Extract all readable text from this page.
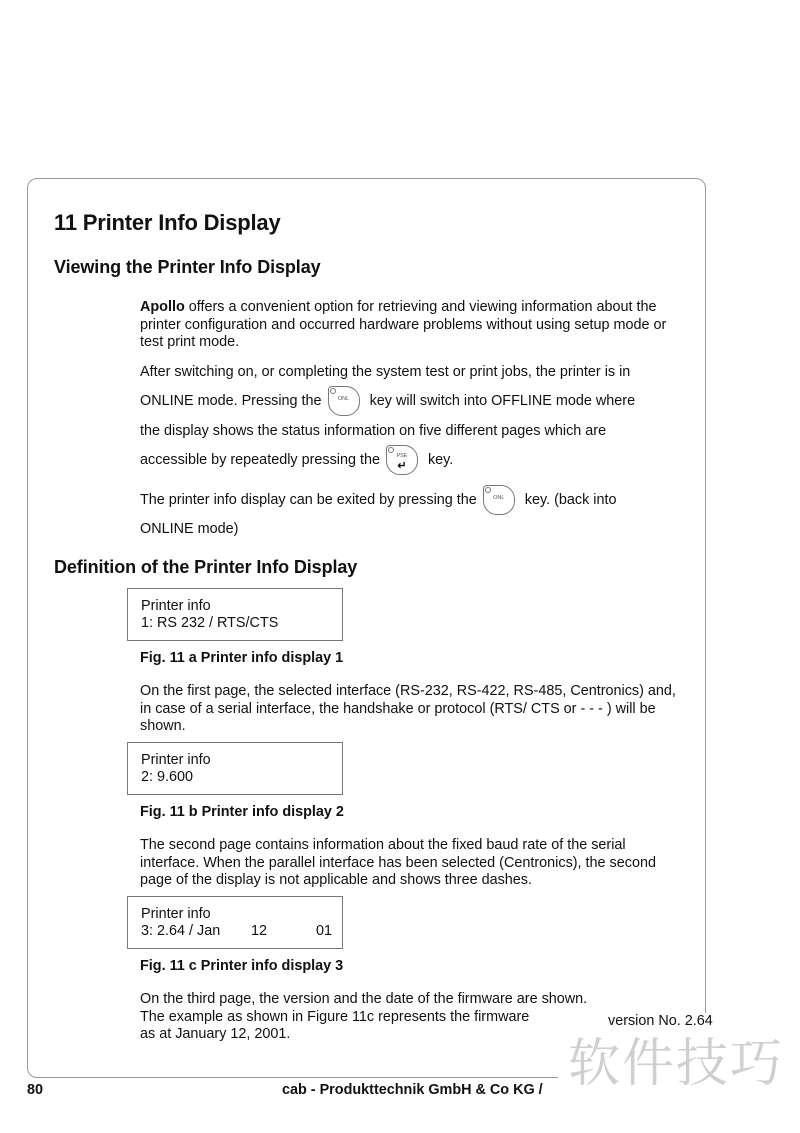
11 Printer Info Display
Viewing the Printer Info Display
Apollo offers a convenient option for retrieving and viewing information about the printer configuration and occurred hardware problems without using setup mode or test print mode.
After switching on, or completing the system test or print jobs, the printer is in
ONLINE mode. Pressing the	ONL	key will switch into OFFLINE mode where
the display shows the status information on five different pages which are
accessible by repeatedly pressing the	PSE
↵	key.
The printer info display can be exited by pressing the	ONL	key. (back into
ONLINE mode)
Definition of the Printer Info Display
Printer info
1: RS 232 / RTS/CTS
Fig. 11 a Printer info display 1
On the first page, the selected interface (RS-232, RS-422, RS-485, Centronics) and, in case of a serial interface, the handshake or protocol (RTS/ CTS or - - - ) will be shown.
Printer info
2: 9.600
Fig. 11 b Printer info display 2
The second page contains information about the fixed baud rate of the serial interface. When the parallel interface has been selected (Centronics), the second page of the display is not applicable and shows three dashes.
Printer info
3: 2.64 / Jan 12	01
Fig. 11 c Printer info display 3
On the third page, the version and the date of the firmware are shown.
The example as shown in Figure 11c represents the firmware
as at January 12, 2001.
80	cab - Produkttechnik GmbH & Co KG / 软件技巧
